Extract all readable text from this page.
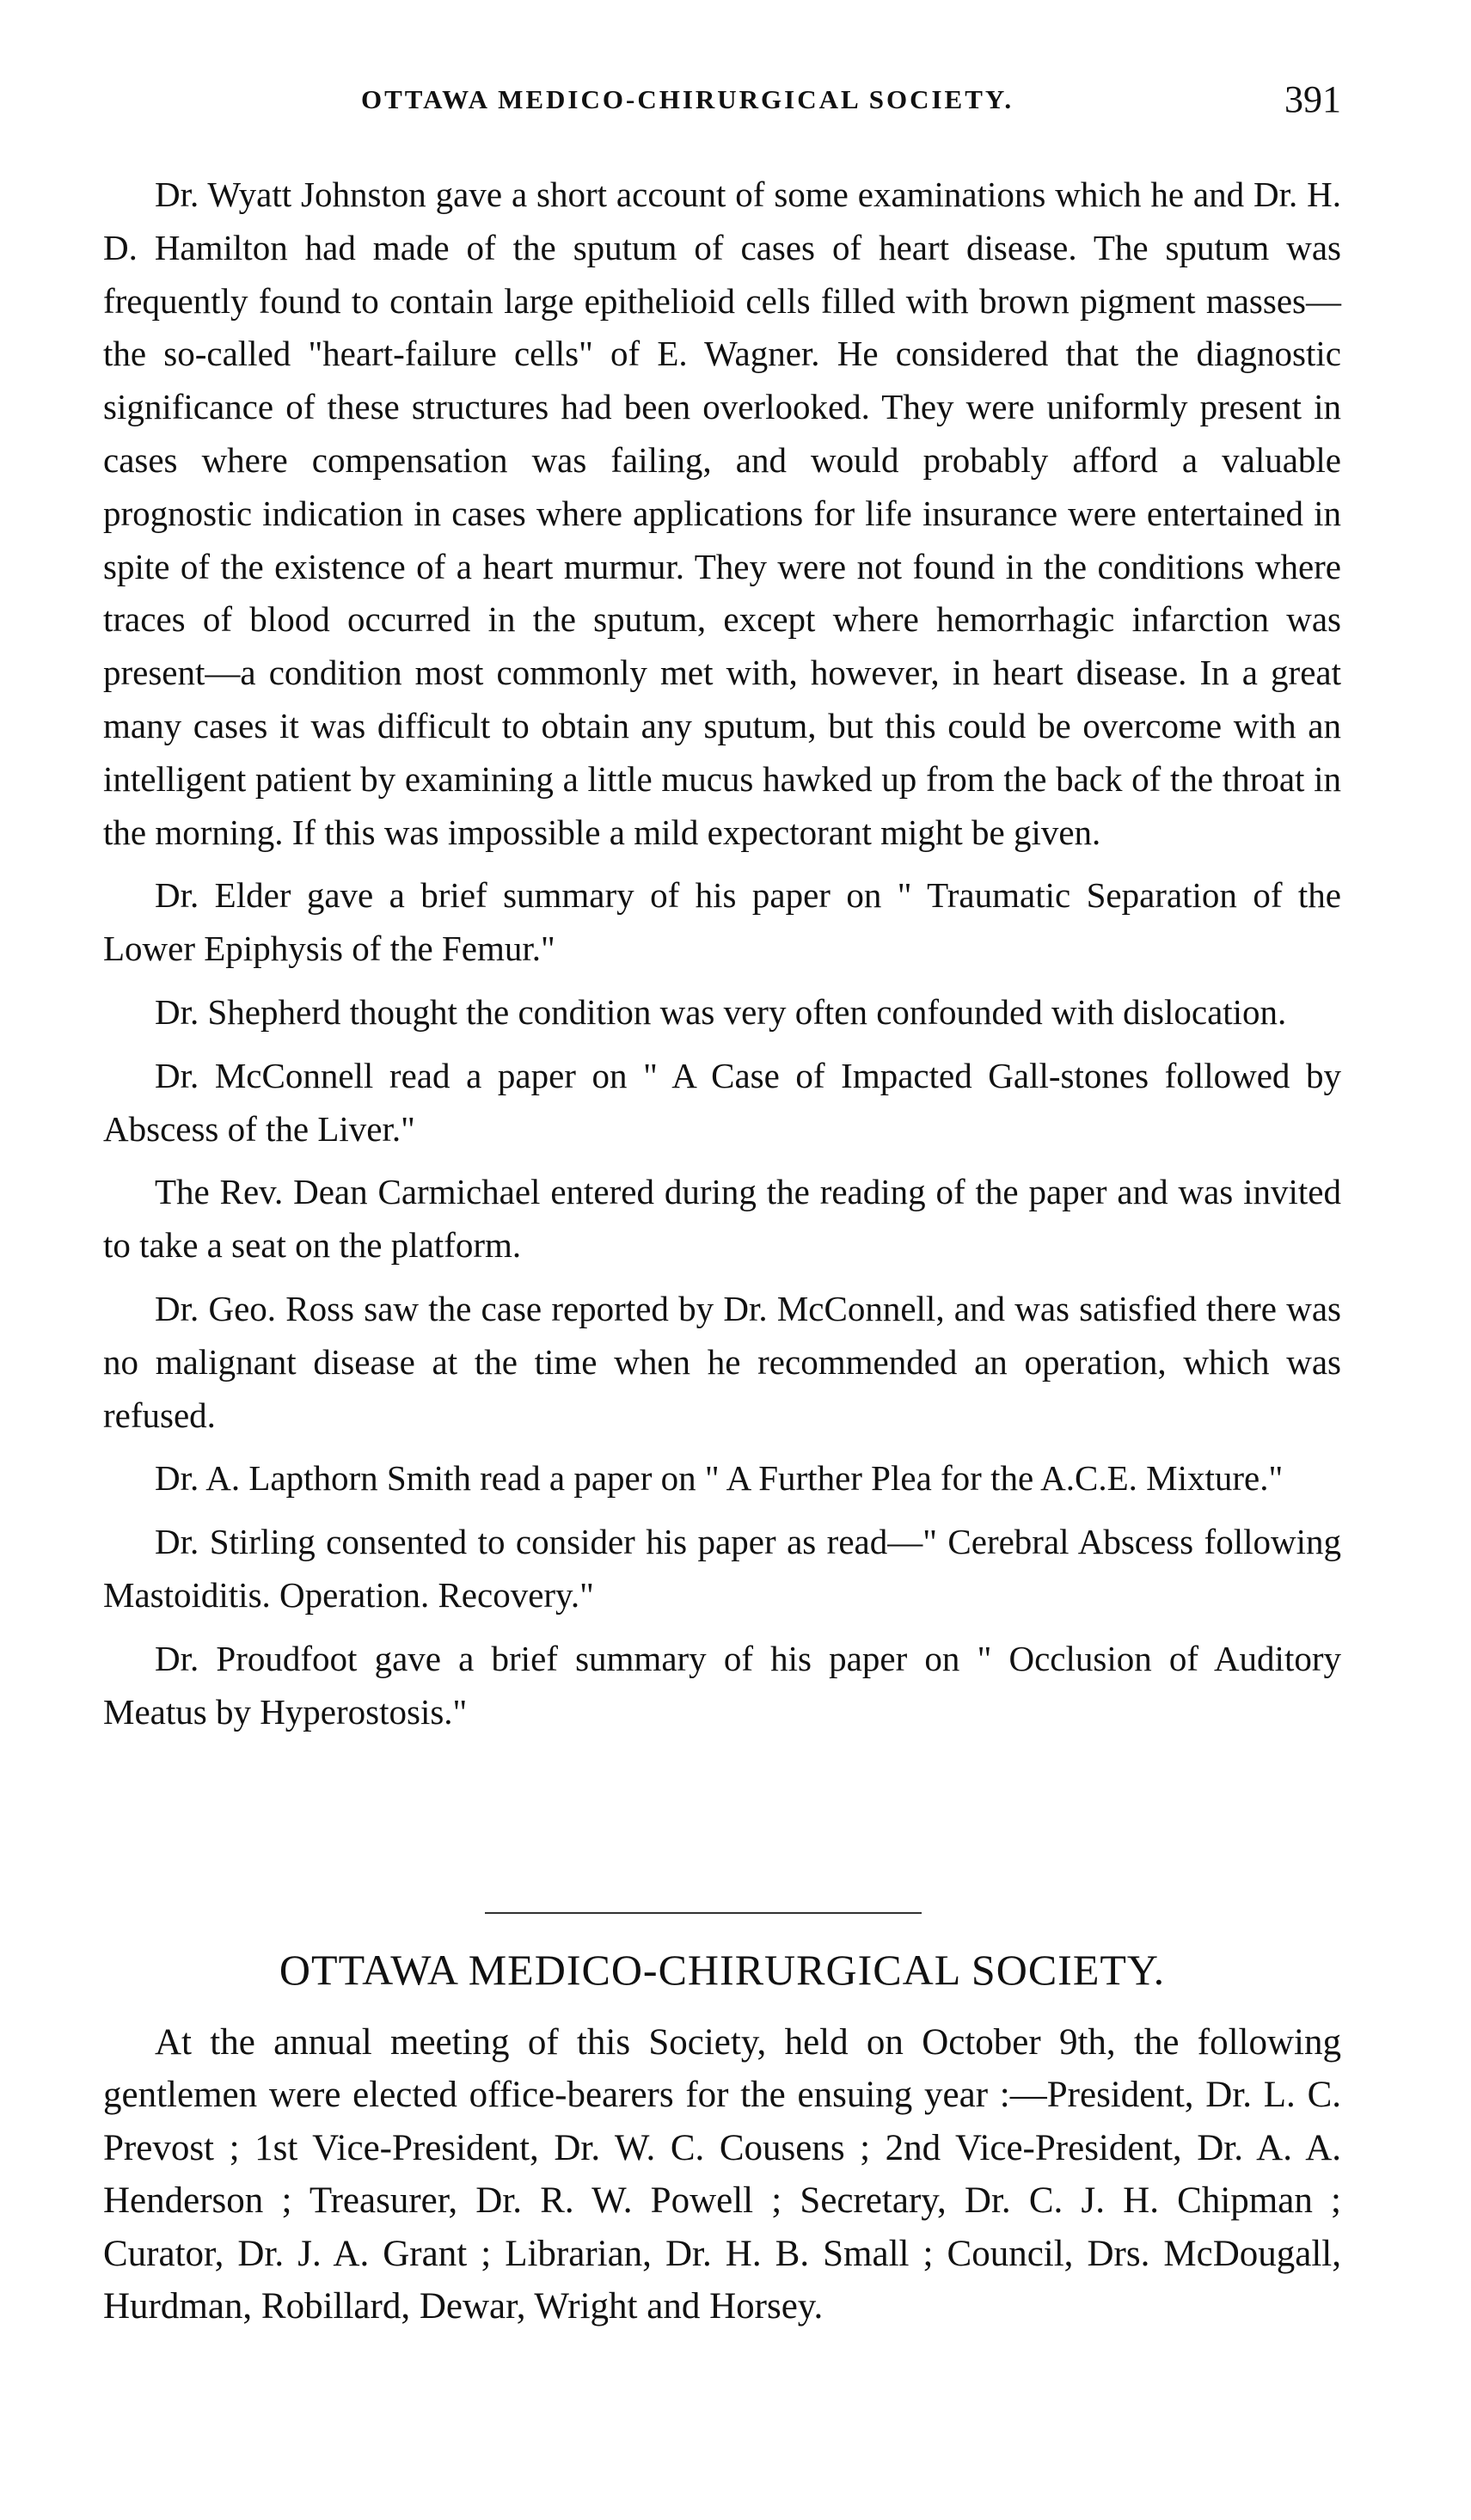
OTTAWA MEDICO-CHIRURGICAL SOCIETY.	391

Dr. Wyatt Johnston gave a short account of some examinations which he and Dr. H. D. Hamilton had made of the sputum of cases of heart disease. The sputum was frequently found to contain large epithelioid cells filled with brown pigment masses—the so-called "heart-failure cells" of E. Wagner. He considered that the diagnostic significance of these structures had been overlooked. They were uniformly present in cases where compensation was failing, and would probably afford a valuable prognostic indication in cases where applications for life insurance were entertained in spite of the existence of a heart murmur. They were not found in the conditions where traces of blood occurred in the sputum, except where hemorrhagic infarction was present—a condition most commonly met with, however, in heart disease. In a great many cases it was difficult to obtain any sputum, but this could be overcome with an intelligent patient by examining a little mucus hawked up from the back of the throat in the morning. If this was impossible a mild expectorant might be given.

Dr. Elder gave a brief summary of his paper on " Traumatic Separation of the Lower Epiphysis of the Femur."

Dr. Shepherd thought the condition was very often confounded with dislocation.

Dr. McConnell read a paper on " A Case of Impacted Gall-stones followed by Abscess of the Liver."

The Rev. Dean Carmichael entered during the reading of the paper and was invited to take a seat on the platform.

Dr. Geo. Ross saw the case reported by Dr. McConnell, and was satisfied there was no malignant disease at the time when he recommended an operation, which was refused.

Dr. A. Lapthorn Smith read a paper on " A Further Plea for the A.C.E. Mixture."

Dr. Stirling consented to consider his paper as read—" Cerebral Abscess following Mastoiditis. Operation. Recovery."

Dr. Proudfoot gave a brief summary of his paper on " Occlusion of Auditory Meatus by Hyperostosis."

OTTAWA MEDICO-CHIRURGICAL SOCIETY.

At the annual meeting of this Society, held on October 9th, the following gentlemen were elected office-bearers for the ensuing year :—President, Dr. L. C. Prevost ; 1st Vice-President, Dr. W. C. Cousens ; 2nd Vice-President, Dr. A. A. Henderson ; Treasurer, Dr. R. W. Powell ; Secretary, Dr. C. J. H. Chipman ; Curator, Dr. J. A. Grant ; Librarian, Dr. H. B. Small ; Council, Drs. McDougall, Hurdman, Robillard, Dewar, Wright and Horsey.
